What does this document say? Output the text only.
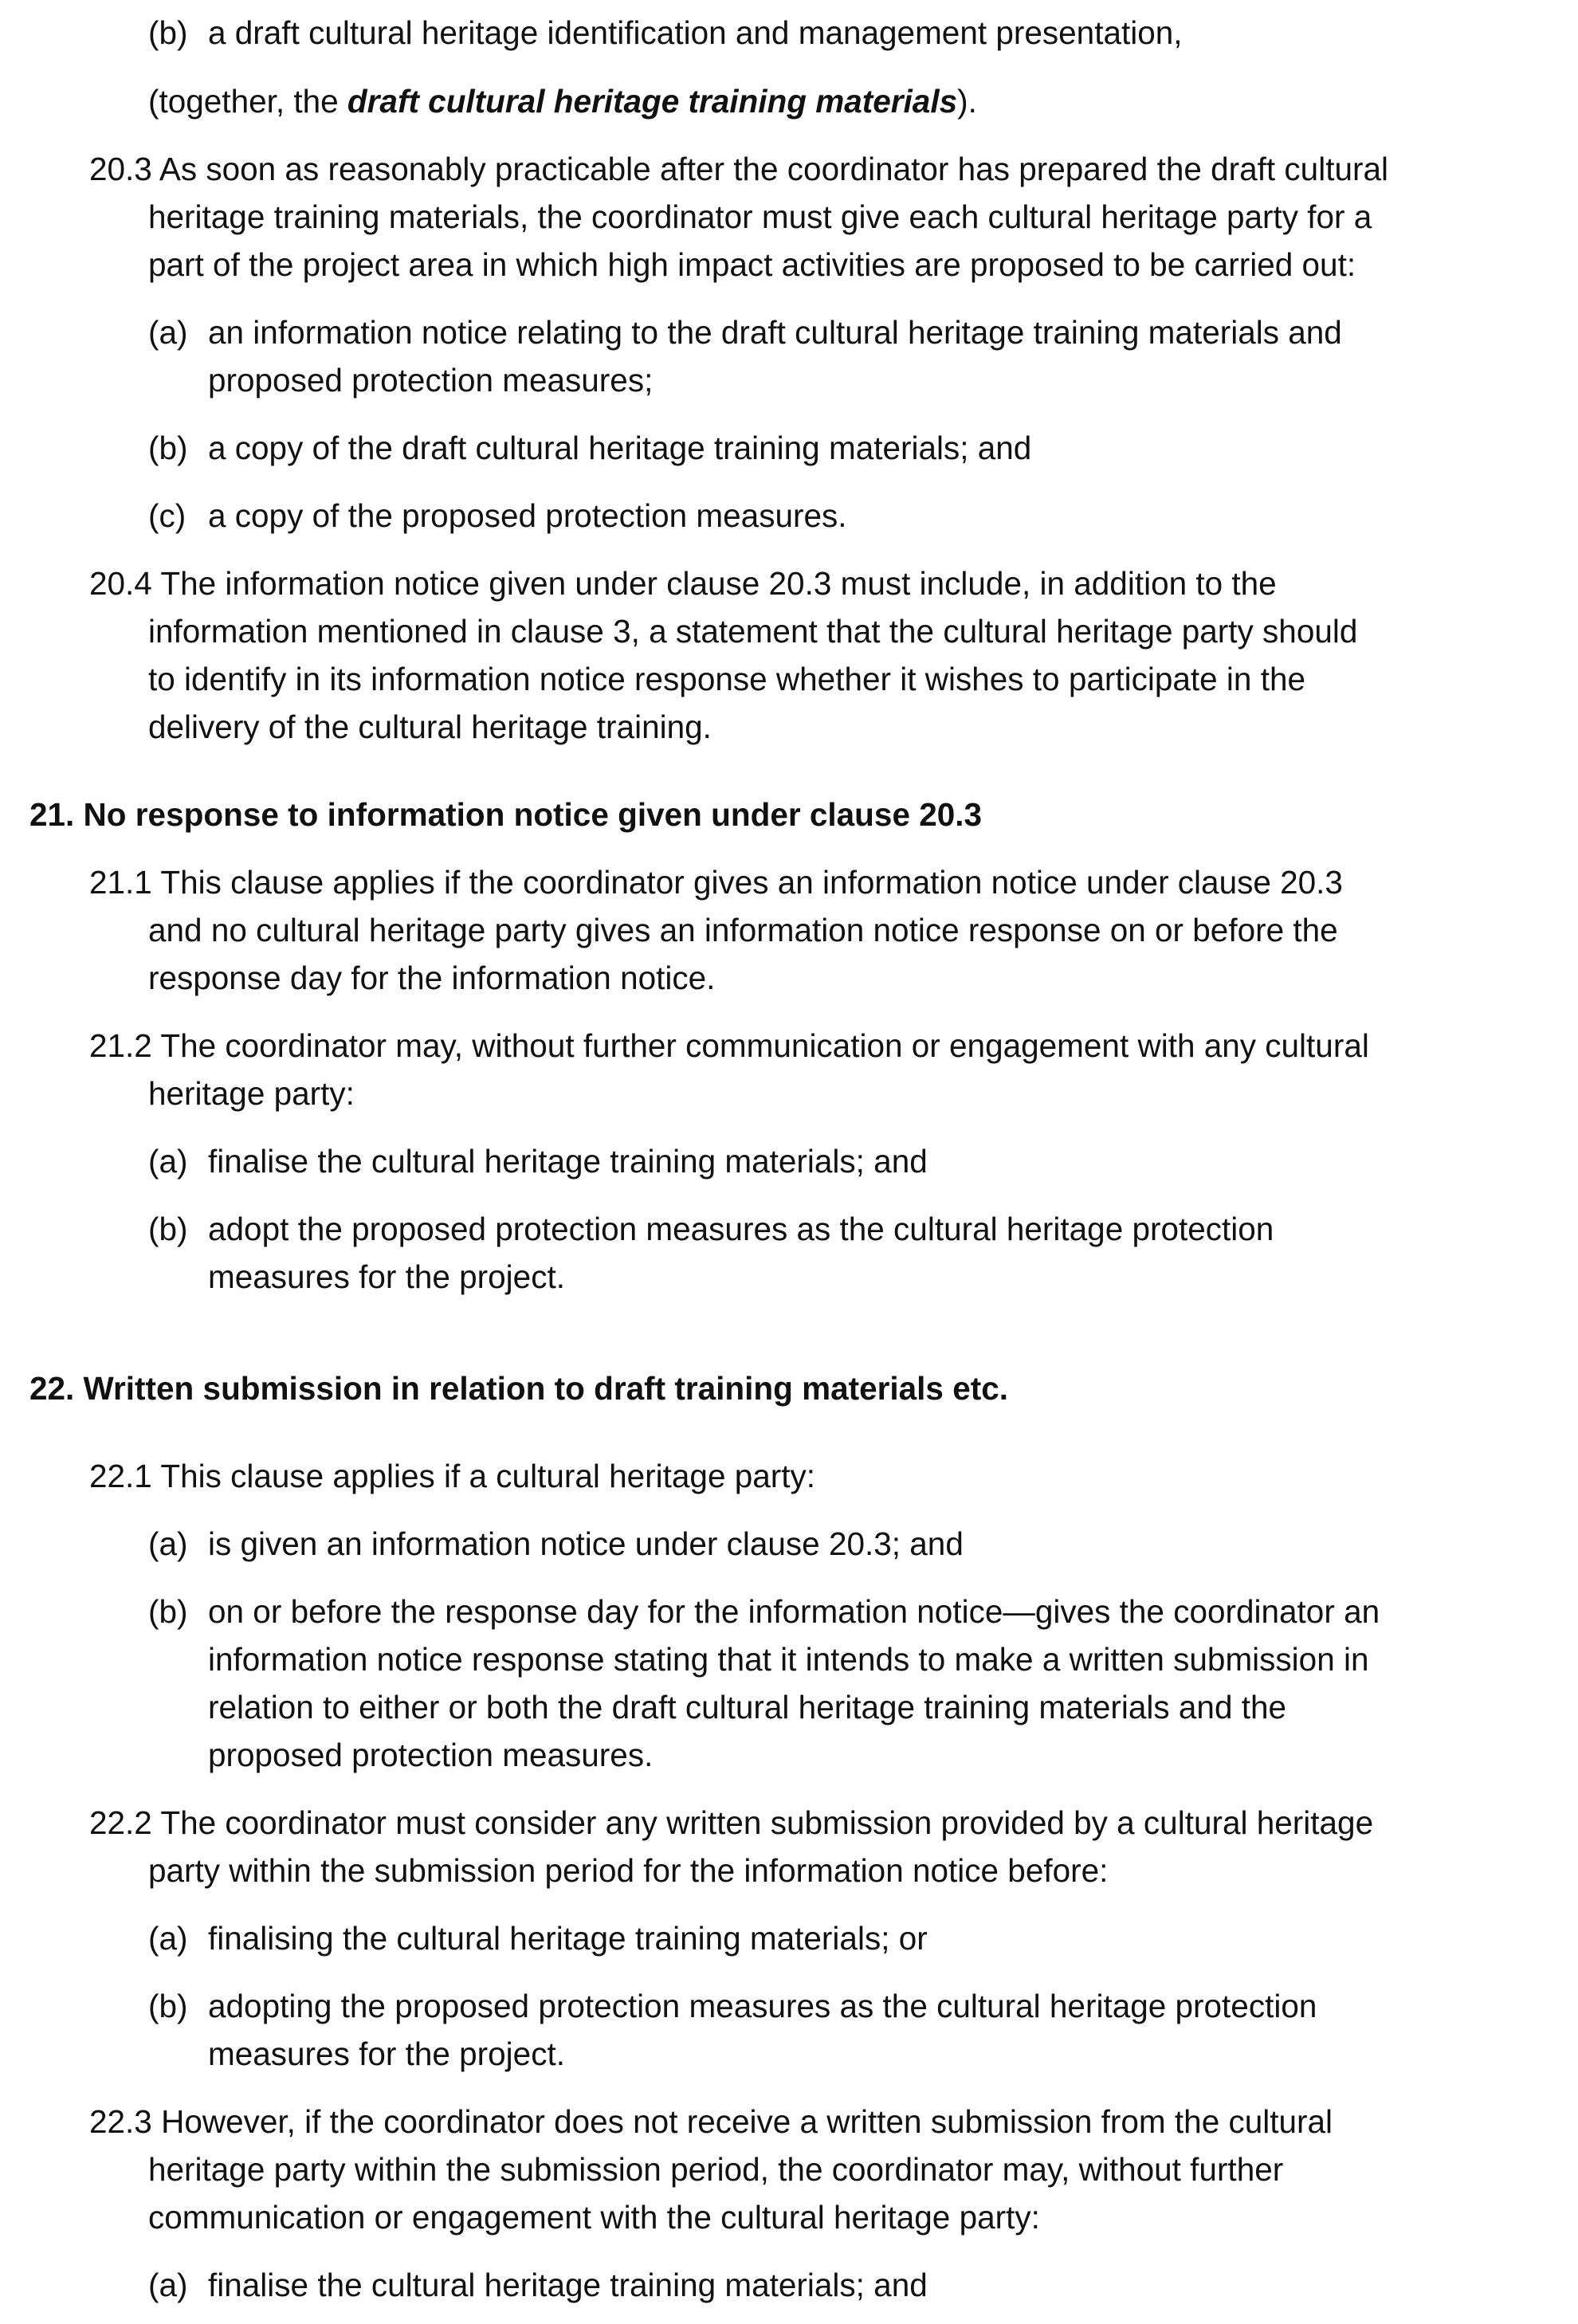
(b) a draft cultural heritage identification and management presentation,
(together, the draft cultural heritage training materials).
20.3 As soon as reasonably practicable after the coordinator has prepared the draft cultural
heritage training materials, the coordinator must give each cultural heritage party for a
part of the project area in which high impact activities are proposed to be carried out:
(a) an information notice relating to the draft cultural heritage training materials and
proposed protection measures;
(b) a copy of the draft cultural heritage training materials; and
(c) a copy of the proposed protection measures.
20.4 The information notice given under clause 20.3 must include, in addition to the
information mentioned in clause 3, a statement that the cultural heritage party should
to identify in its information notice response whether it wishes to participate in the
delivery of the cultural heritage training.
21. No response to information notice given under clause 20.3
21.1 This clause applies if the coordinator gives an information notice under clause 20.3
and no cultural heritage party gives an information notice response on or before the
response day for the information notice.
21.2 The coordinator may, without further communication or engagement with any cultural
heritage party:
(a) finalise the cultural heritage training materials; and
(b) adopt the proposed protection measures as the cultural heritage protection
measures for the project.
22. Written submission in relation to draft training materials etc.
22.1 This clause applies if a cultural heritage party:
(a) is given an information notice under clause 20.3; and
(b) on or before the response day for the information notice—gives the coordinator an
information notice response stating that it intends to make a written submission in
relation to either or both the draft cultural heritage training materials and the
proposed protection measures.
22.2 The coordinator must consider any written submission provided by a cultural heritage
party within the submission period for the information notice before:
(a) finalising the cultural heritage training materials; or
(b) adopting the proposed protection measures as the cultural heritage protection
measures for the project.
22.3 However, if the coordinator does not receive a written submission from the cultural
heritage party within the submission period, the coordinator may, without further
communication or engagement with the cultural heritage party:
(a) finalise the cultural heritage training materials; and
